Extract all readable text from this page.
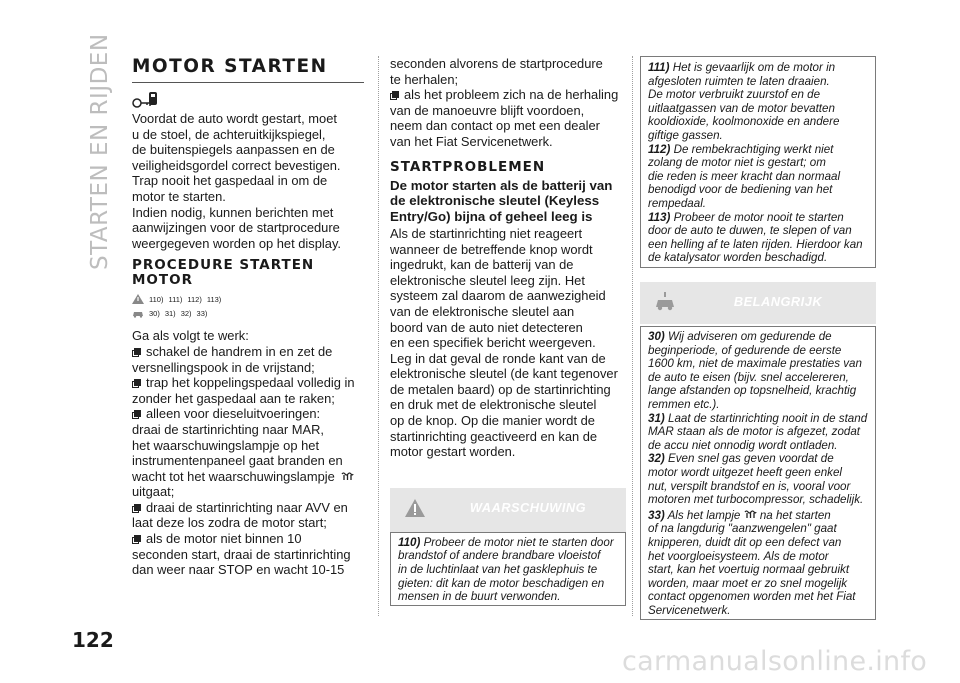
STARTEN EN RIJDEN
122
MOTOR STARTEN

Voordat de auto wordt gestart, moet

u de stoel, de achteruitkijkspiegel,

de buitenspiegels aanpassen en de

veiligheidsgordel correct bevestigen.

Trap nooit het gaspedaal in om de

motor te starten.

Indien nodig, kunnen berichten met

aanwijzingen voor de startprocedure

weergegeven worden op het display.

PROCEDURE STARTEN
MOTOR
110) 111) 112) 113)
30) 31) 32) 33)

Ga als volgt te werk:

schakel de handrem in en zet de

versnellingspook in de vrijstand;

trap het koppelingspedaal volledig in

zonder het gaspedaal aan te raken;

alleen voor dieseluitvoeringen:

draai de startinrichting naar MAR,

het waarschuwingslampje op het

instrumentenpaneel gaat branden en

wacht tot het waarschuwingslampje

uitgaat;

draai de startinrichting naar AVV en

laat deze los zodra de motor start;

als de motor niet binnen 10

seconden start, draai de startinrichting

dan weer naar STOP en wacht 10-15

seconden alvorens de startprocedure

te herhalen;

als het probleem zich na de herhaling

van de manoeuvre blijft voordoen,

neem dan contact op met een dealer

van het Fiat Servicenetwerk.

STARTPROBLEMEN
De motor starten als de batterij van
de elektronische sleutel (Keyless
Entry/Go) bijna of geheel leeg is

Als de startinrichting niet reageert

wanneer de betreffende knop wordt

ingedrukt, kan de batterij van de

elektronische sleutel leeg zijn. Het

systeem zal daarom de aanwezigheid

van de elektronische sleutel aan

boord van de auto niet detecteren

en een specifiek bericht weergeven.

Leg in dat geval de ronde kant van de

elektronische sleutel (de kant tegenover

de metalen baard) op de startinrichting

en druk met de elektronische sleutel

op de knop. Op die manier wordt de

startinrichting geactiveerd en kan de

motor gestart worden.

WAARSCHUWING

110) Probeer de motor niet te starten door

brandstof of andere brandbare vloeistof

in de luchtinlaat van het gasklephuis te

gieten: dit kan de motor beschadigen en

mensen in de buurt verwonden.

111) Het is gevaarlijk om de motor in

afgesloten ruimten te laten draaien.

De motor verbruikt zuurstof en de

uitlaatgassen van de motor bevatten

kooldioxide, koolmonoxide en andere

giftige gassen.

112) De rembekrachtiging werkt niet

zolang de motor niet is gestart; om

die reden is meer kracht dan normaal

benodigd voor de bediening van het

rempedaal.

113) Probeer de motor nooit te starten

door de auto te duwen, te slepen of van

een helling af te laten rijden. Hierdoor kan

de katalysator worden beschadigd.

BELANGRIJK

30) Wij adviseren om gedurende de

beginperiode, of gedurende de eerste

1600 km, niet de maximale prestaties van

de auto te eisen (bijv. snel accelereren,

lange afstanden op topsnelheid, krachtig

remmen etc.).

31) Laat de startinrichting nooit in de stand

MAR staan als de motor is afgezet, zodat

de accu niet onnodig wordt ontladen.

32) Even snel gas geven voordat de

motor wordt uitgezet heeft geen enkel

nut, verspilt brandstof en is, vooral voor

motoren met turbocompressor, schadelijk.

33) Als het lampje na het starten

of na langdurig "aanzwengelen" gaat

knipperen, duidt dit op een defect van

het voorgloeisysteem. Als de motor

start, kan het voertuig normaal gebruikt

worden, maar moet er zo snel mogelijk

contact opgenomen worden met het Fiat

Servicenetwerk.

carmanualsonline.info
